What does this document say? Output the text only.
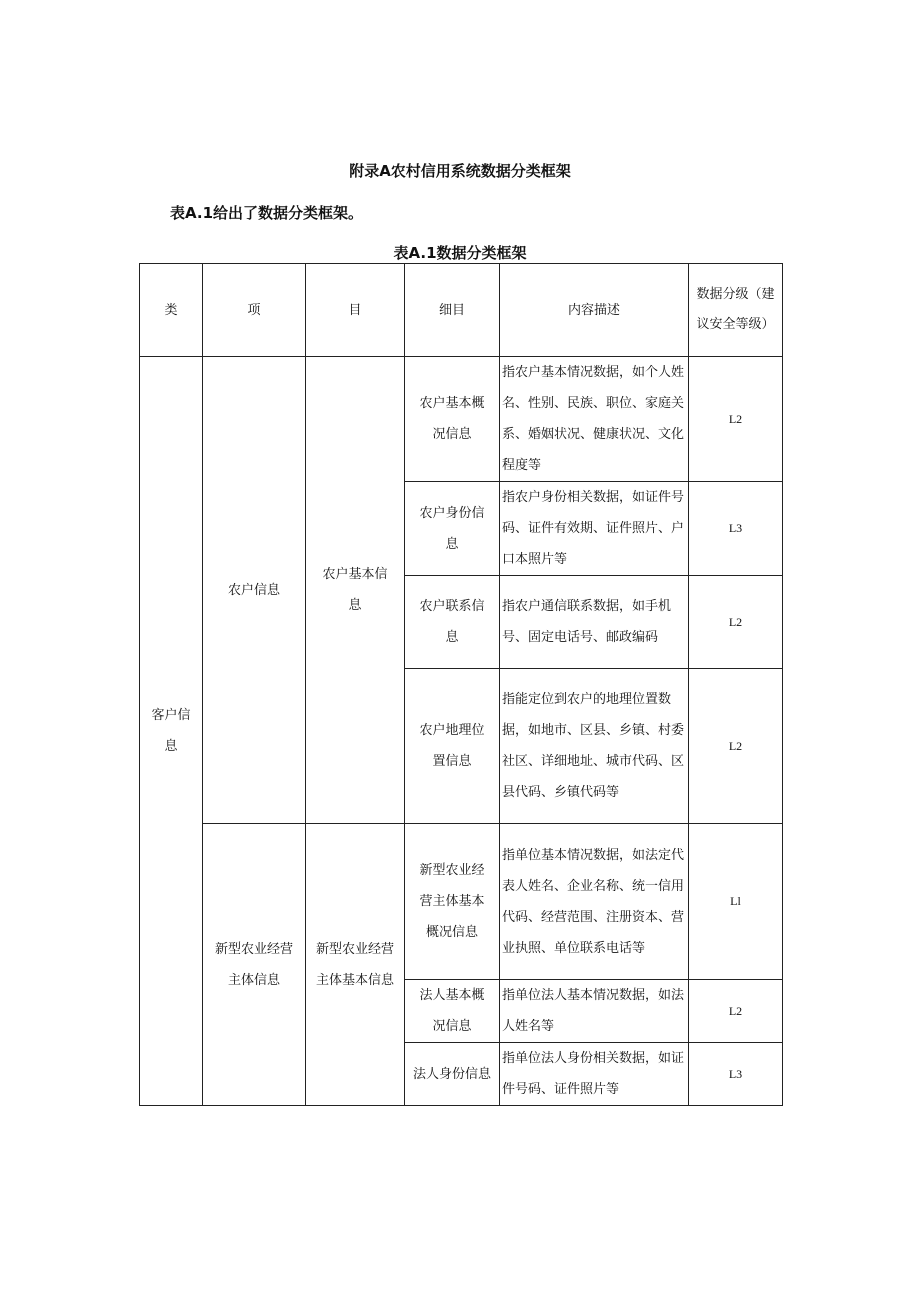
附录A农村信用系统数据分类框架
表A.1给出了数据分类框架。
表A.1数据分类框架
类	项	目	细目	内容描述	数据分级（建议安全等级）

客户信息	农户信息	农户基本信息	农户基本概况信息	指农户基本情况数据，如个人姓名、性别、民族、职位、家庭关系、婚姻状况、健康状况、文化程度等	L2

			农户身份信息	指农户身份相关数据，如证件号码、证件有效期、证件照片、户口本照片等	L3

			农户联系信息	指农户通信联系数据，如手机号、固定电话号、邮政编码	L2

			农户地理位置信息	指能定位到农户的地理位置数据，如地市、区县、乡镇、村委社区、详细地址、城市代码、区县代码、乡镇代码等	L2

	新型农业经营主体信息	新型农业经营主体基本信息	新型农业经营主体基本概况信息	指单位基本情况数据，如法定代表人姓名、企业名称、统一信用代码、经营范围、注册资本、营业执照、单位联系电话等	Ll

			法人基本概况信息	指单位法人基本情况数据，如法人姓名等	L2

			法人身份信息	指单位法人身份相关数据，如证件号码、证件照片等	L3
